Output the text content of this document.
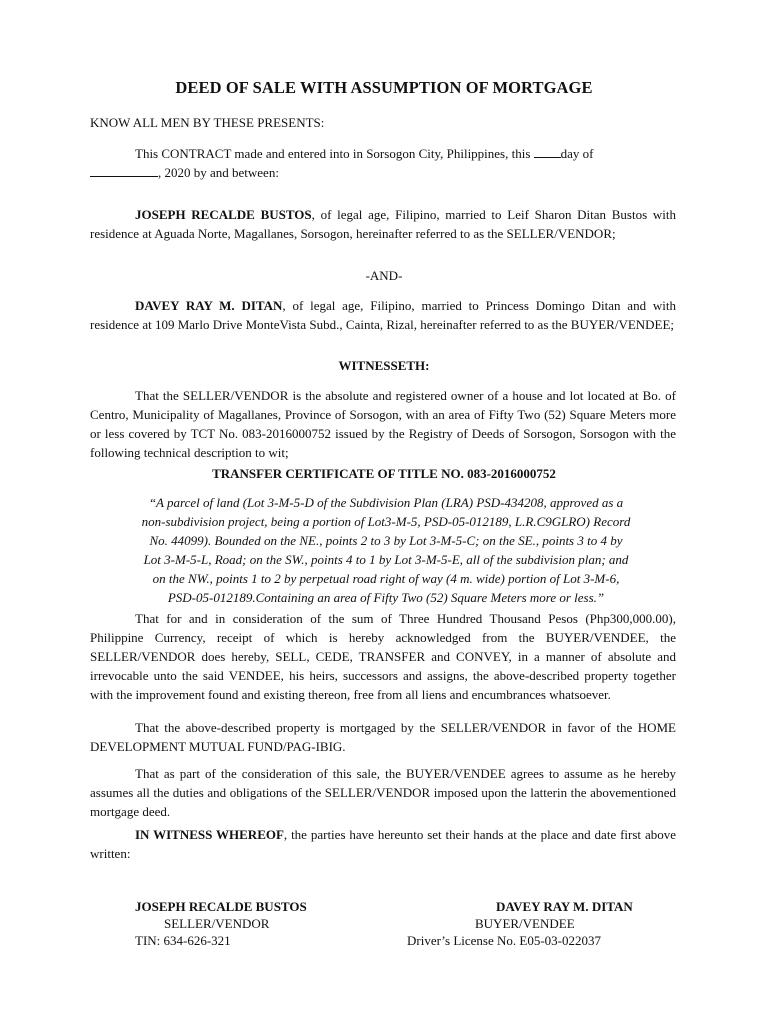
DEED OF SALE WITH ASSUMPTION OF MORTGAGE
KNOW ALL MEN BY THESE PRESENTS:
This CONTRACT made and entered into in Sorsogon City, Philippines, this day of
, 2020 by and between:
JOSEPH RECALDE BUSTOS, of legal age, Filipino, married to Leif Sharon Ditan Bustos with residence at Aguada Norte, Magallanes, Sorsogon, hereinafter referred to as the SELLER/VENDOR;
-AND-
DAVEY RAY M. DITAN, of legal age, Filipino, married to Princess Domingo Ditan and with residence at 109 Marlo Drive MonteVista Subd., Cainta, Rizal, hereinafter referred to as the BUYER/VENDEE;
WITNESSETH:
That the SELLER/VENDOR is the absolute and registered owner of a house and lot located at Bo. of Centro, Municipality of Magallanes, Province of Sorsogon, with an area of Fifty Two (52) Square Meters more or less covered by TCT No. 083-2016000752 issued by the Registry of Deeds of Sorsogon, Sorsogon with the following technical description to wit;
TRANSFER CERTIFICATE OF TITLE NO. 083-2016000752
“A parcel of land (Lot 3-M-5-D of the Subdivision Plan (LRA) PSD-434208, approved as a non-subdivision project, being a portion of Lot3-M-5, PSD-05-012189, L.R.C9GLRO) Record No. 44099). Bounded on the NE., points 2 to 3 by Lot 3-M-5-C; on the SE., points 3 to 4 by Lot 3-M-5-L, Road; on the SW., points 4 to 1 by Lot 3-M-5-E, all of the subdivision plan; and on the NW., points 1 to 2 by perpetual road right of way (4 m. wide) portion of Lot 3-M-6, PSD-05-012189.Containing an area of Fifty Two (52) Square Meters more or less.”
That for and in consideration of the sum of Three Hundred Thousand Pesos (Php300,000.00), Philippine Currency, receipt of which is hereby acknowledged from the BUYER/VENDEE, the SELLER/VENDOR does hereby, SELL, CEDE, TRANSFER and CONVEY, in a manner of absolute and irrevocable unto the said VENDEE, his heirs, successors and assigns, the above-described property together with the improvement found and existing thereon, free from all liens and encumbrances whatsoever.
That the above-described property is mortgaged by the SELLER/VENDOR in favor of the HOME DEVELOPMENT MUTUAL FUND/PAG-IBIG.
That as part of the consideration of this sale, the BUYER/VENDEE agrees to assume as he hereby assumes all the duties and obligations of the SELLER/VENDOR imposed upon the latterin the abovementioned mortgage deed.
IN WITNESS WHEREOF, the parties have hereunto set their hands at the place and date first above written:
JOSEPH RECALDE BUSTOS
SELLER/VENDOR
TIN: 634-626-321
DAVEY RAY M. DITAN
BUYER/VENDEE
Driver’s License No. E05-03-022037
